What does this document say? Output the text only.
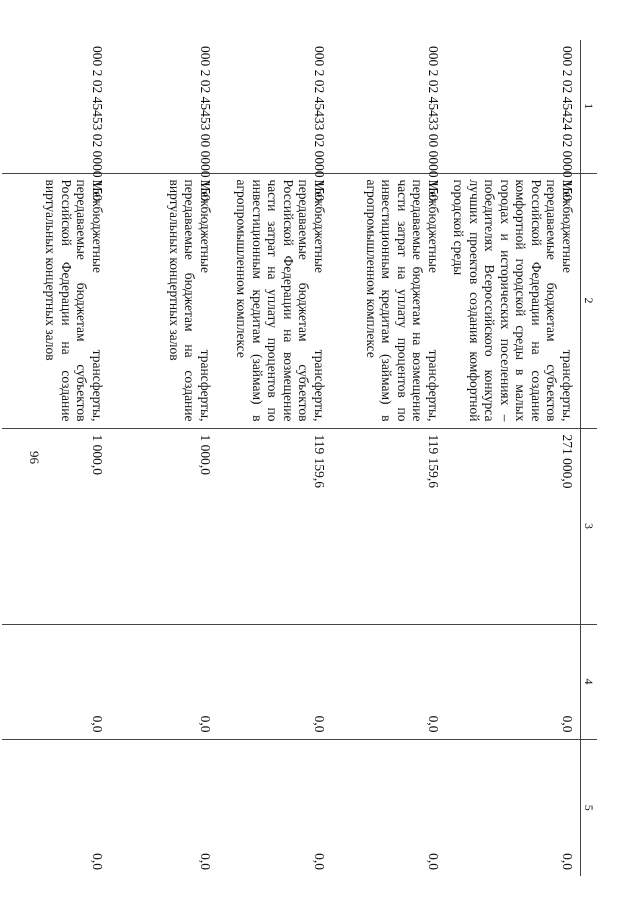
96
1	2	3	4	5
000 2 02 45424 02 0000 150	Межбюджетные трансферты, передаваемые бюджетам субъектов Российской Федерации на создание комфортной городской среды в малых городах и исторических поселениях – победителях Всероссийского конкурса лучших проектов создания комфортной городской среды	271 000,0	0,0	0,0
000 2 02 45433 00 0000 150	Межбюджетные трансферты, передаваемые бюджетам на возмещение части затрат на уплату процентов по инвестиционным кредитам (займам) в агропромышленном комплексе	119 159,6	0,0	0,0
000 2 02 45433 02 0000 150	Межбюджетные трансферты, передаваемые бюджетам субъектов Российской Федерации на возмещение части затрат на уплату процентов по инвестиционным кредитам (займам) в агропромышленном комплексе	119 159,6	0,0	0,0
000 2 02 45453 00 0000 150	Межбюджетные трансферты, передаваемые бюджетам на создание виртуальных концертных залов	1 000,0	0,0	0,0
000 2 02 45453 02 0000 150	Межбюджетные трансферты, передаваемые бюджетам субъектов Российской Федерации на создание виртуальных концертных залов	1 000,0	0,0	0,0
